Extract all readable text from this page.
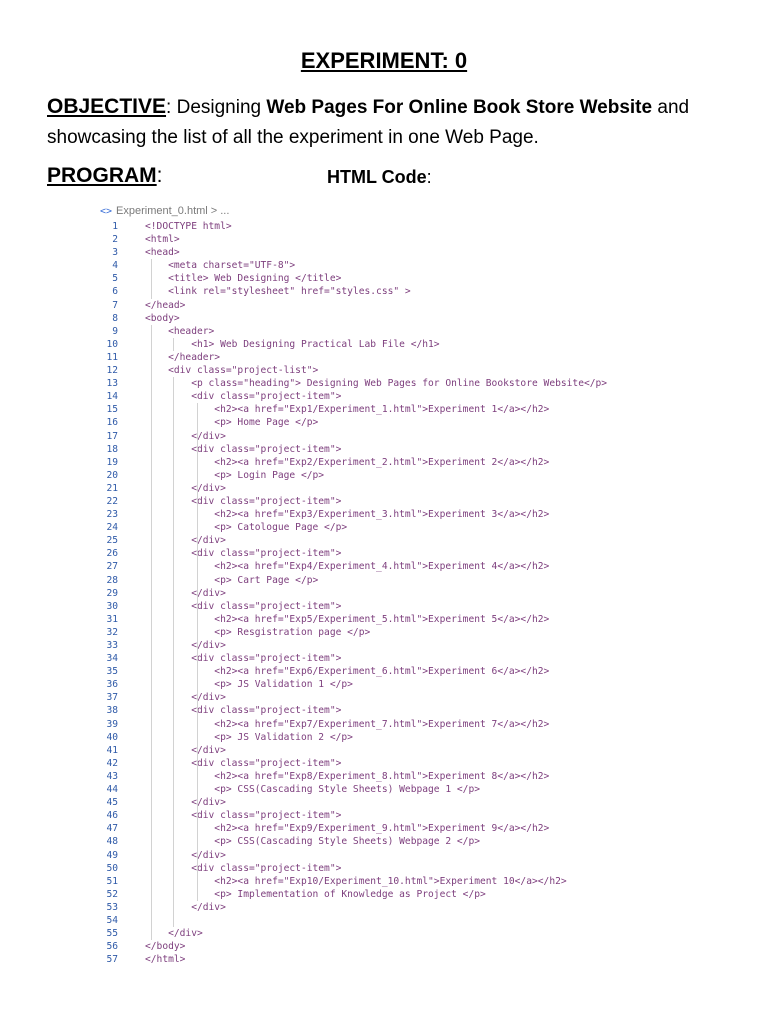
EXPERIMENT: 0

OBJECTIVE: Designing Web Pages For Online Book Store Website and showcasing the list of all the experiment in one Web Page.

PROGRAM:	HTML Code:
<> Experiment_0.html > ...
1	<!DOCTYPE html>
2	<html>
3	<head>
4	<meta charset="UTF-8">
5	<title> Web Designing </title>
6	<link rel="stylesheet" href="styles.css" >
7	</head>
8	<body>
9	<header>
10	<h1> Web Designing Practical Lab File </h1>
11	</header>
12	<div class="project-list">
13	<p class="heading"> Designing Web Pages for Online Bookstore Website</p>
14	<div class="project-item">
15	<h2><a href="Exp1/Experiment_1.html">Experiment 1</a></h2>
16	<p> Home Page </p>
17	</div>
18	<div class="project-item">
19	<h2><a href="Exp2/Experiment_2.html">Experiment 2</a></h2>
20	<p> Login Page </p>
21	</div>
22	<div class="project-item">
23	<h2><a href="Exp3/Experiment_3.html">Experiment 3</a></h2>
24	<p> Catologue Page </p>
25	</div>
26	<div class="project-item">
27	<h2><a href="Exp4/Experiment_4.html">Experiment 4</a></h2>
28	<p> Cart Page </p>
29	</div>
30	<div class="project-item">
31	<h2><a href="Exp5/Experiment_5.html">Experiment 5</a></h2>
32	<p> Resgistration page </p>
33	</div>
34	<div class="project-item">
35	<h2><a href="Exp6/Experiment_6.html">Experiment 6</a></h2>
36	<p> JS Validation 1 </p>
37	</div>
38	<div class="project-item">
39	<h2><a href="Exp7/Experiment_7.html">Experiment 7</a></h2>
40	<p> JS Validation 2 </p>
41	</div>
42	<div class="project-item">
43	<h2><a href="Exp8/Experiment_8.html">Experiment 8</a></h2>
44	<p> CSS(Cascading Style Sheets) Webpage 1 </p>
45	</div>
46	<div class="project-item">
47	<h2><a href="Exp9/Experiment_9.html">Experiment 9</a></h2>
48	<p> CSS(Cascading Style Sheets) Webpage 2 </p>
49	</div>
50	<div class="project-item">
51	<h2><a href="Exp10/Experiment_10.html">Experiment 10</a></h2>
52	<p> Implementation of Knowledge as Project </p>
53	</div>
54
55	</div>
56	</body>
57	</html>
